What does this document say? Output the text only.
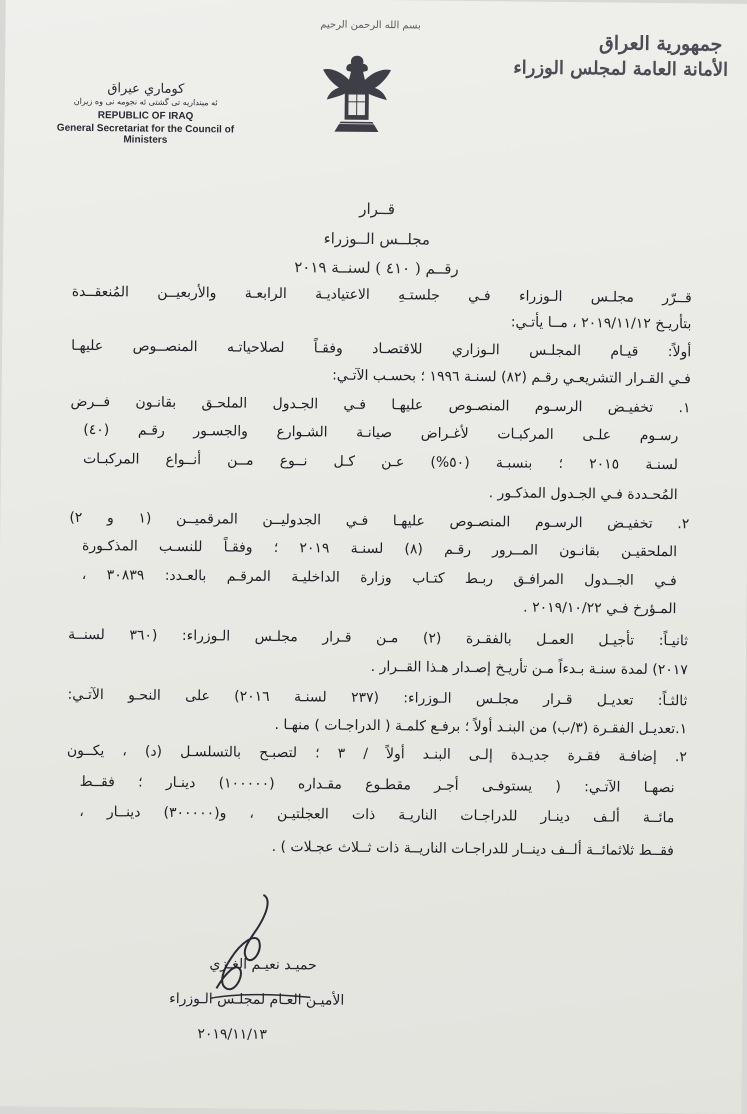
بسم الله الرحمن الرحيم
جمهورية العراق
الأمانة العامة لمجلس الوزراء
كوماري عيراق
ئه مینداریه تی گشتی ئه نجومه نی وه زیران
REPUBLIC OF IRAQ
General Secretariat for the Council of Ministers
قــرار
مجلــس الــوزراء
رقــم ( ٤١٠ ) لسنــة ٢٠١٩
قــرّر مجلـس الـوزراء فـي جلستـهِ الاعتياديـة الرابعـة والأربعيــن المُنعقــدة
بتأريـخ ٢٠١٩/١١/١٢ ، مــا يأتـي:
أولاً: قيـام المجلـس الـوزاري للاقتصـاد وفقـاً لصلاحياتـه المنصــوص عليهـا
فـي القـرار التشريعـي رقـم (٨٢) لسنـة ١٩٩٦ ؛ بحسـب الآتـي:
١. تخفيـض الرسـوم المنصـوص عليهـا فـي الجـدول الملحـق بقانـون فــرض
رسـوم علـى المركبـات لأغـراض صيانـة الشـوارع والجسـور رقـم (٤٠)
لسنـة ٢٠١٥ ؛ بنسبـة (٥٠%) عـن كـل نــوع مــن أنــواع المركبـات
المُحـددة فـي الجـدول المذكـور .
٢. تخفيـض الرسـوم المنصـوص عليهـا فـي الجدوليــن المرقميــن (١ و ٢)
الملحقيـن بقانـون المــرور رقـم (٨) لسنـة ٢٠١٩ ؛ وفقـاً للنسـب المذكـورة
فـي الجــدول المرافـق ربـط كتـاب وزارة الداخليـة المرقـم بالعـدد: ٣٠٨٣٩ ،
المـؤرخ فـي ٢٠١٩/١٠/٢٢ .
ثانيـاً: تأجيـل العمـل بالفقـرة (٢) مـن قـرار مجلـس الـوزراء: (٣٦٠ لسنــة
٢٠١٧) لمدة سنـة بـدءاً مـن تأريـخ إصـدار هـذا القــرار .
ثالثـاً: تعديـل قـرار مجلـس الـوزراء: (٢٣٧ لسنـة ٢٠١٦) على النحـو الآتـي:
١.تعديـل الفقـرة (٣/ب) من البنـد أولاً ؛ برفـع كلمـة ( الدراجـات ) منهـا .
٢. إضافـة فقـرة جديـدة إلـى البنـد أولاً / ٣ ؛ لتصبـح بالتسلسـل (د) ، يكــون
نصهـا الآتـي: ( يستوفـى أجـر مقطـوع مقـداره (١٠٠٠٠٠) دينـار ؛ فقــط
مائــة ألـف دينـار للدراجـات الناريـة ذات العجلتيـن ، و(٣٠٠٠٠٠) دينــار ،
فقــط ثلاثمائــة ألــف دينــار للدراجـات الناريــة ذات ثــلاث عجـلات ) .
حميـد نعيـم الغـزي
الأميـن العـام لمجلـس الـوزراء
٢٠١٩/١١/١٣
